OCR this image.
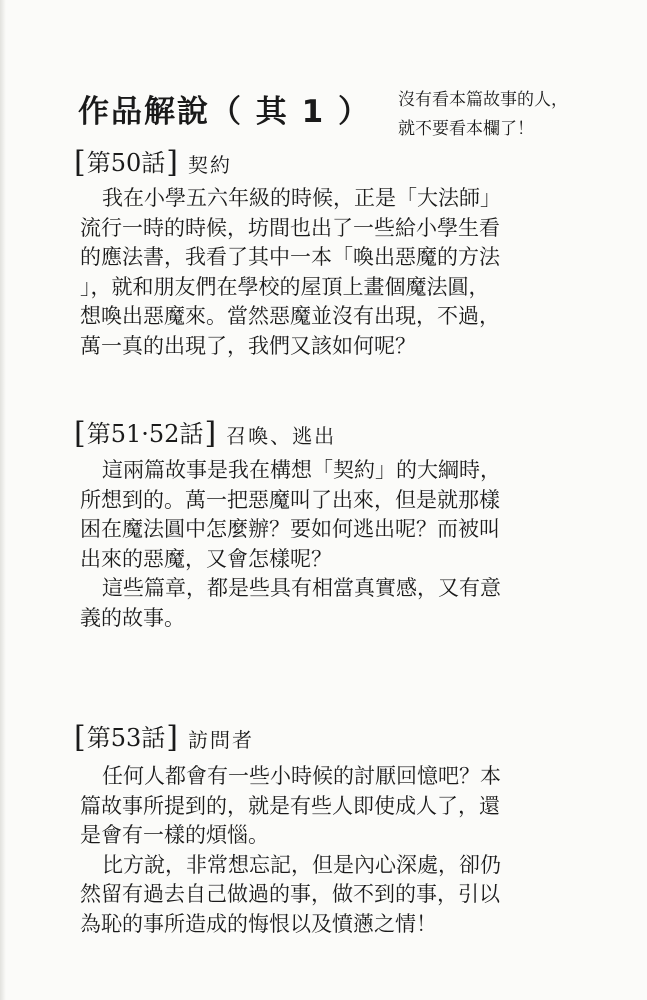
作品解說（ 其 1 ） 沒有看本篇故事的人，
就不要看本欄了！
[ 第50話 ] 契約
我在小學五六年級的時候，正是「大法師」
流行一時的時候，坊間也出了一些給小學生看
的應法書，我看了其中一本「喚出惡魔的方法
」，就和朋友們在學校的屋頂上畫個魔法圓，
想喚出惡魔來。當然惡魔並沒有出現，不過，
萬一真的出現了，我們又該如何呢？
[ 第51·52話 ] 召喚、逃出
這兩篇故事是我在構想「契約」的大綱時，
所想到的。萬一把惡魔叫了出來，但是就那樣
困在魔法圓中怎麼辦？要如何逃出呢？而被叫
出來的惡魔，又會怎樣呢？
這些篇章，都是些具有相當真實感，又有意
義的故事。
[ 第53話 ] 訪問者
任何人都會有一些小時候的討厭回憶吧？本
篇故事所提到的，就是有些人即使成人了，還
是會有一樣的煩惱。
比方說，非常想忘記，但是內心深處，卻仍
然留有過去自己做過的事，做不到的事，引以
為恥的事所造成的悔恨以及憤懣之情！
